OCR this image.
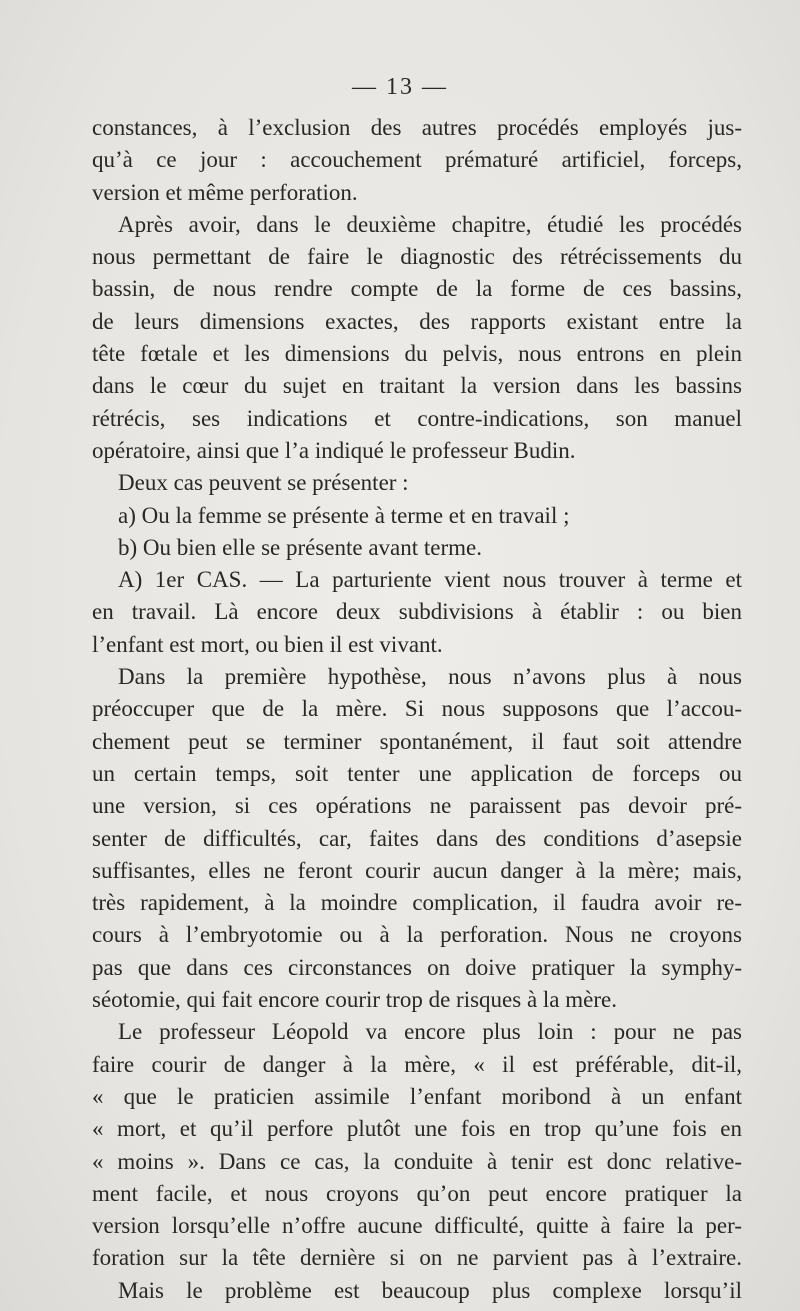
— 13 —
constances, à l’exclusion des autres procédés employés jus-
qu’à ce jour : accouchement prématuré artificiel, forceps,
version et même perforation.
Après avoir, dans le deuxième chapitre, étudié les procédés
nous permettant de faire le diagnostic des rétrécissements du
bassin, de nous rendre compte de la forme de ces bassins,
de leurs dimensions exactes, des rapports existant entre la
tête fœtale et les dimensions du pelvis, nous entrons en plein
dans le cœur du sujet en traitant la version dans les bassins
rétrécis, ses indications et contre-indications, son manuel
opératoire, ainsi que l’a indiqué le professeur Budin.
Deux cas peuvent se présenter :
a) Ou la femme se présente à terme et en travail ;
b) Ou bien elle se présente avant terme.
A) 1er CAS. — La parturiente vient nous trouver à terme et
en travail. Là encore deux subdivisions à établir : ou bien
l’enfant est mort, ou bien il est vivant.
Dans la première hypothèse, nous n’avons plus à nous
préoccuper que de la mère. Si nous supposons que l’accou-
chement peut se terminer spontanément, il faut soit attendre
un certain temps, soit tenter une application de forceps ou
une version, si ces opérations ne paraissent pas devoir pré-
senter de difficultés, car, faites dans des conditions d’asepsie
suffisantes, elles ne feront courir aucun danger à la mère; mais,
très rapidement, à la moindre complication, il faudra avoir re-
cours à l’embryotomie ou à la perforation. Nous ne croyons
pas que dans ces circonstances on doive pratiquer la symphy-
séotomie, qui fait encore courir trop de risques à la mère.
Le professeur Léopold va encore plus loin : pour ne pas
faire courir de danger à la mère, « il est préférable, dit-il,
« que le praticien assimile l’enfant moribond à un enfant
« mort, et qu’il perfore plutôt une fois en trop qu’une fois en
« moins ». Dans ce cas, la conduite à tenir est donc relative-
ment facile, et nous croyons qu’on peut encore pratiquer la
version lorsqu’elle n’offre aucune difficulté, quitte à faire la per-
foration sur la tête dernière si on ne parvient pas à l’extraire.
Mais le problème est beaucoup plus complexe lorsqu’il
